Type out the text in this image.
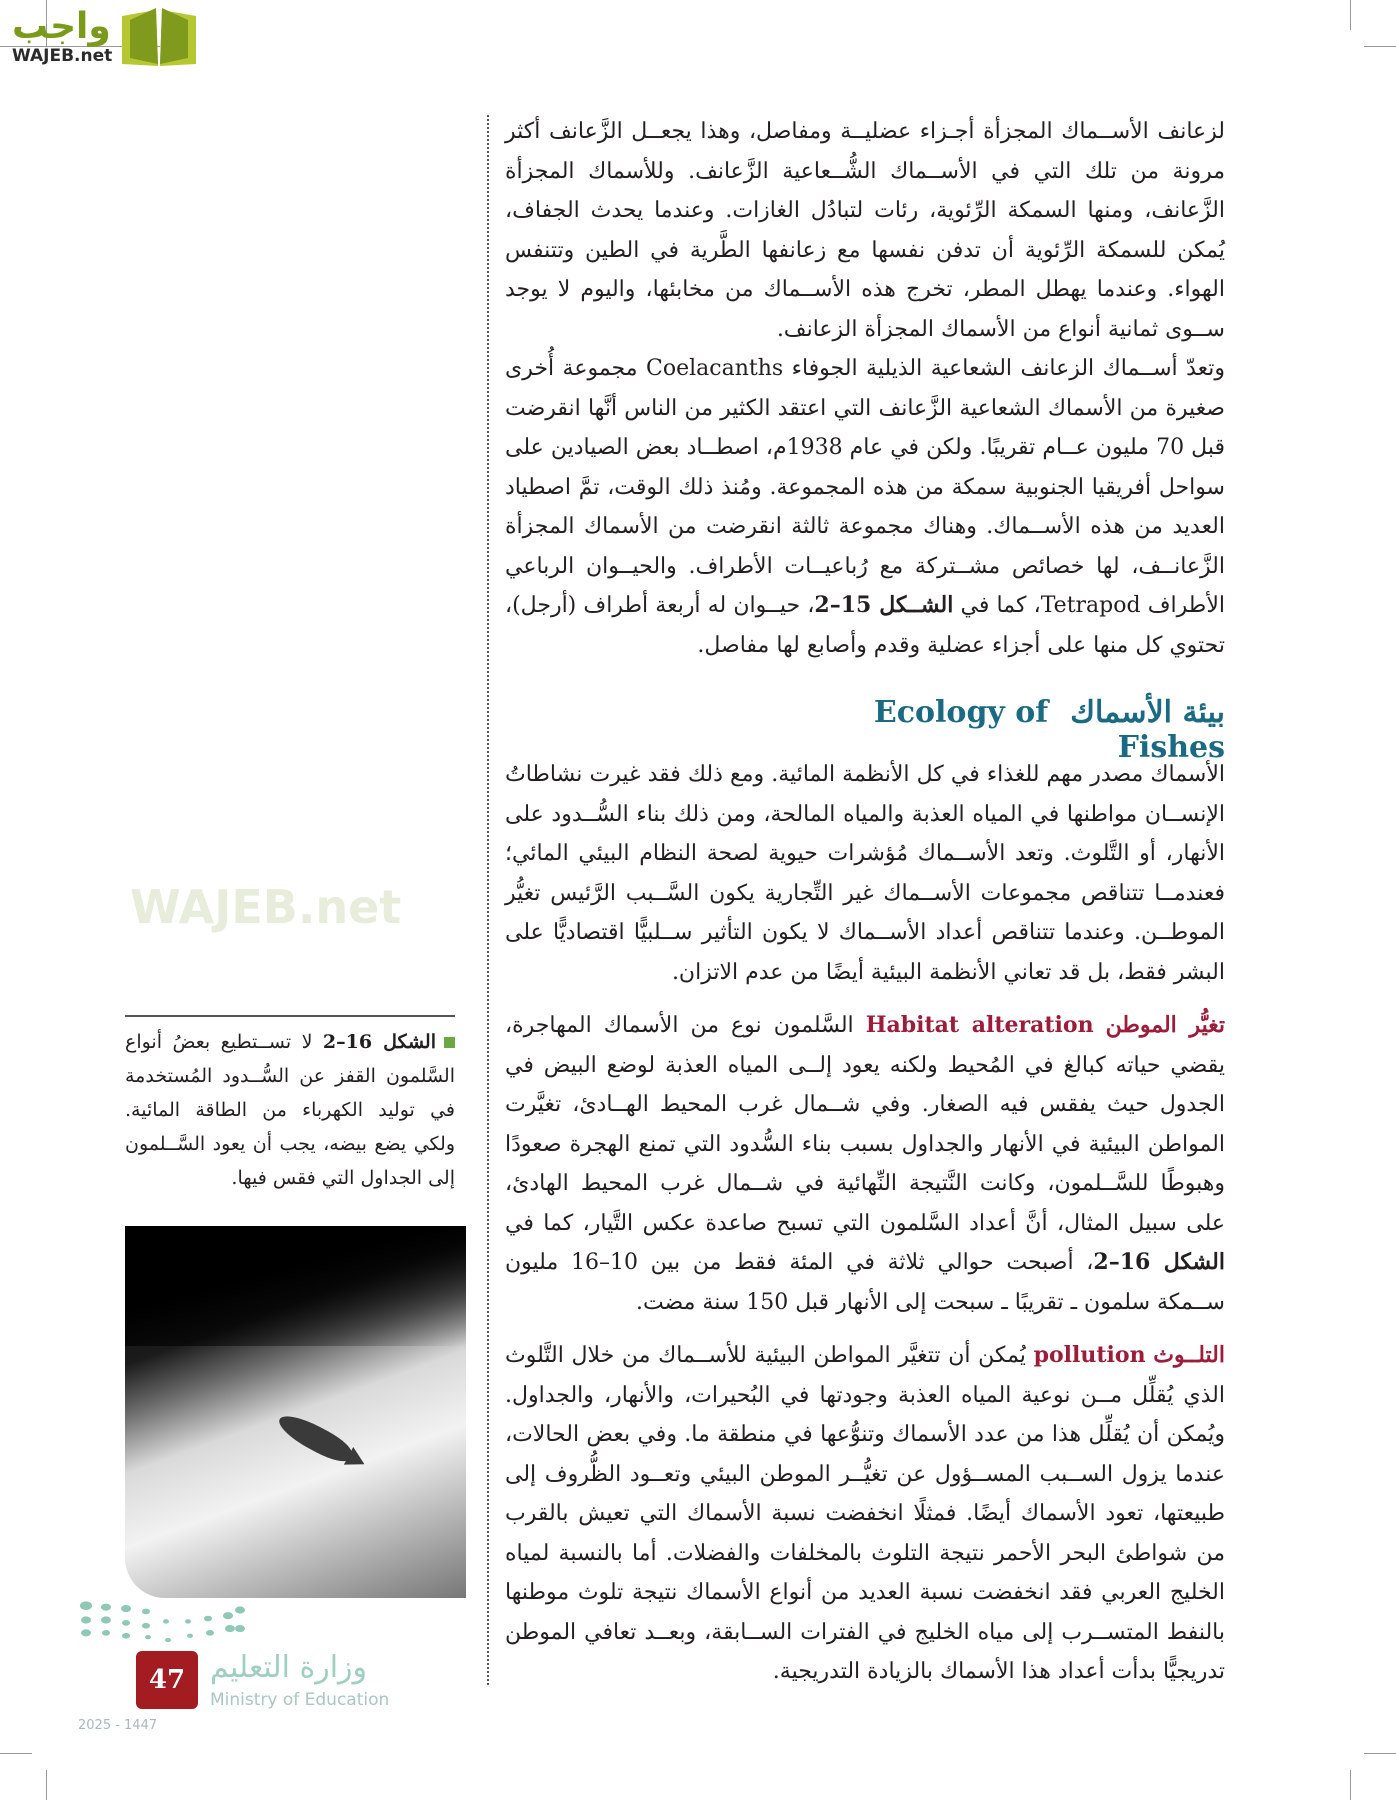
واجب
WAJEB.net
WAJEB.net

لزعانف الأســماك المجزأة أجـزاء عضليــة ومفاصل، وهذا يجعــل الزَّعانف أكثر مرونة من تلك التي في الأســماك الشُّــعاعية الزَّعانف. وللأسماك المجزأة الزَّعانف، ومنها السمكة الرِّئوية، رئات لتبادُل الغازات. وعندما يحدث الجفاف، يُمكن للسمكة الرِّئوية أن تدفن نفسها مع زعانفها الطَّرية في الطين وتتنفس الهواء. وعندما يهطل المطر، تخرج هذه الأســماك من مخابئها، واليوم لا يوجد ســوى ثمانية أنواع من الأسماك المجزأة الزعانف.

وتعدّ أســماك الزعانف الشعاعية الذيلية الجوفاء Coelacanths مجموعة أُخرى صغيرة من الأسماك الشعاعية الزَّعانف التي اعتقد الكثير من الناس أنَّها انقرضت قبل 70 مليون عــام تقريبًا. ولكن في عام 1938م، اصطــاد بعض الصيادين على سواحل أفريقيا الجنوبية سمكة من هذه المجموعة. ومُنذ ذلك الوقت، تمَّ اصطياد العديد من هذه الأســماك. وهناك مجموعة ثالثة انقرضت من الأسماك المجزأة الزَّعانــف، لها خصائص مشــتركة مع رُباعيــات الأطراف. والحيــوان الرباعي الأطراف Tetrapod، كما في الشــكل 15–2، حيــوان له أربعة أطراف (أرجل)، تحتوي كل منها على أجزاء عضلية وقدم وأصابع لها مفاصل.

بيئة الأسماكEcology of Fishes

الأسماك مصدر مهم للغذاء في كل الأنظمة المائية. ومع ذلك فقد غيرت نشاطاتُ الإنســان مواطنها في المياه العذبة والمياه المالحة، ومن ذلك بناء السُّــدود على الأنهار، أو التَّلوث. وتعد الأســماك مُؤشرات حيوية لصحة النظام البيئي المائي؛ فعندمــا تتناقص مجموعات الأســماك غير التِّجارية يكون السَّــبب الرَّئيس تغيُّر الموطــن. وعندما تتناقص أعداد الأســماك لا يكون التأثير ســلبيًّا اقتصاديًّا على البشر فقط، بل قد تعاني الأنظمة البيئية أيضًا من عدم الاتزان.

تغيُّر الموطن Habitat alteration السَّلمون نوع من الأسماك المهاجرة، يقضي حياته كبالغ في المُحيط ولكنه يعود إلــى المياه العذبة لوضع البيض في الجدول حيث يفقس فيه الصغار. وفي شــمال غرب المحيط الهــادئ، تغيَّرت المواطن البيئية في الأنهار والجداول بسبب بناء السُّدود التي تمنع الهجرة صعودًا وهبوطًا للسَّــلمون، وكانت النَّتيجة النِّهائية في شــمال غرب المحيط الهادئ، على سبيل المثال، أنَّ أعداد السَّلمون التي تسبح صاعدة عكس التَّيار، كما في الشكل 16–2، أصبحت حوالي ثلاثة في المئة فقط من بين 10–16 مليون ســمكة سلمون ـ تقريبًا ـ سبحت إلى الأنهار قبل 150 سنة مضت.

التلــوث pollution يُمكن أن تتغيَّر المواطن البيئية للأســماك من خلال التَّلوث الذي يُقلِّل مــن نوعية المياه العذبة وجودتها في البُحيرات، والأنهار، والجداول. ويُمكن أن يُقلِّل هذا من عدد الأسماك وتنوُّعها في منطقة ما. وفي بعض الحالات، عندما يزول الســبب المســؤول عن تغيُّــر الموطن البيئي وتعــود الظُّروف إلى طبيعتها، تعود الأسماك أيضًا. فمثلًا انخفضت نسبة الأسماك التي تعيش بالقرب من شواطئ البحر الأحمر نتيجة التلوث بالمخلفات والفضلات. أما بالنسبة لمياه الخليج العربي فقد انخفضت نسبة العديد من أنواع الأسماك نتيجة تلوث موطنها بالنفط المتســرب إلى مياه الخليج في الفترات الســابقة، وبعــد تعافي الموطن تدريجيًّا بدأت أعداد هذا الأسماك بالزيادة التدريجية.

الشكل 16–2 لا تســتطيع بعضُ أنواع السَّلمون القفز عن السُّــدود المُستخدمة في توليد الكهرباء من الطاقة المائية. ولكي يضع بيضه، يجب أن يعود السَّــلمون إلى الجداول التي فقس فيها.
47 وزارة التعليم
Ministry of Education
2025 - 1447
